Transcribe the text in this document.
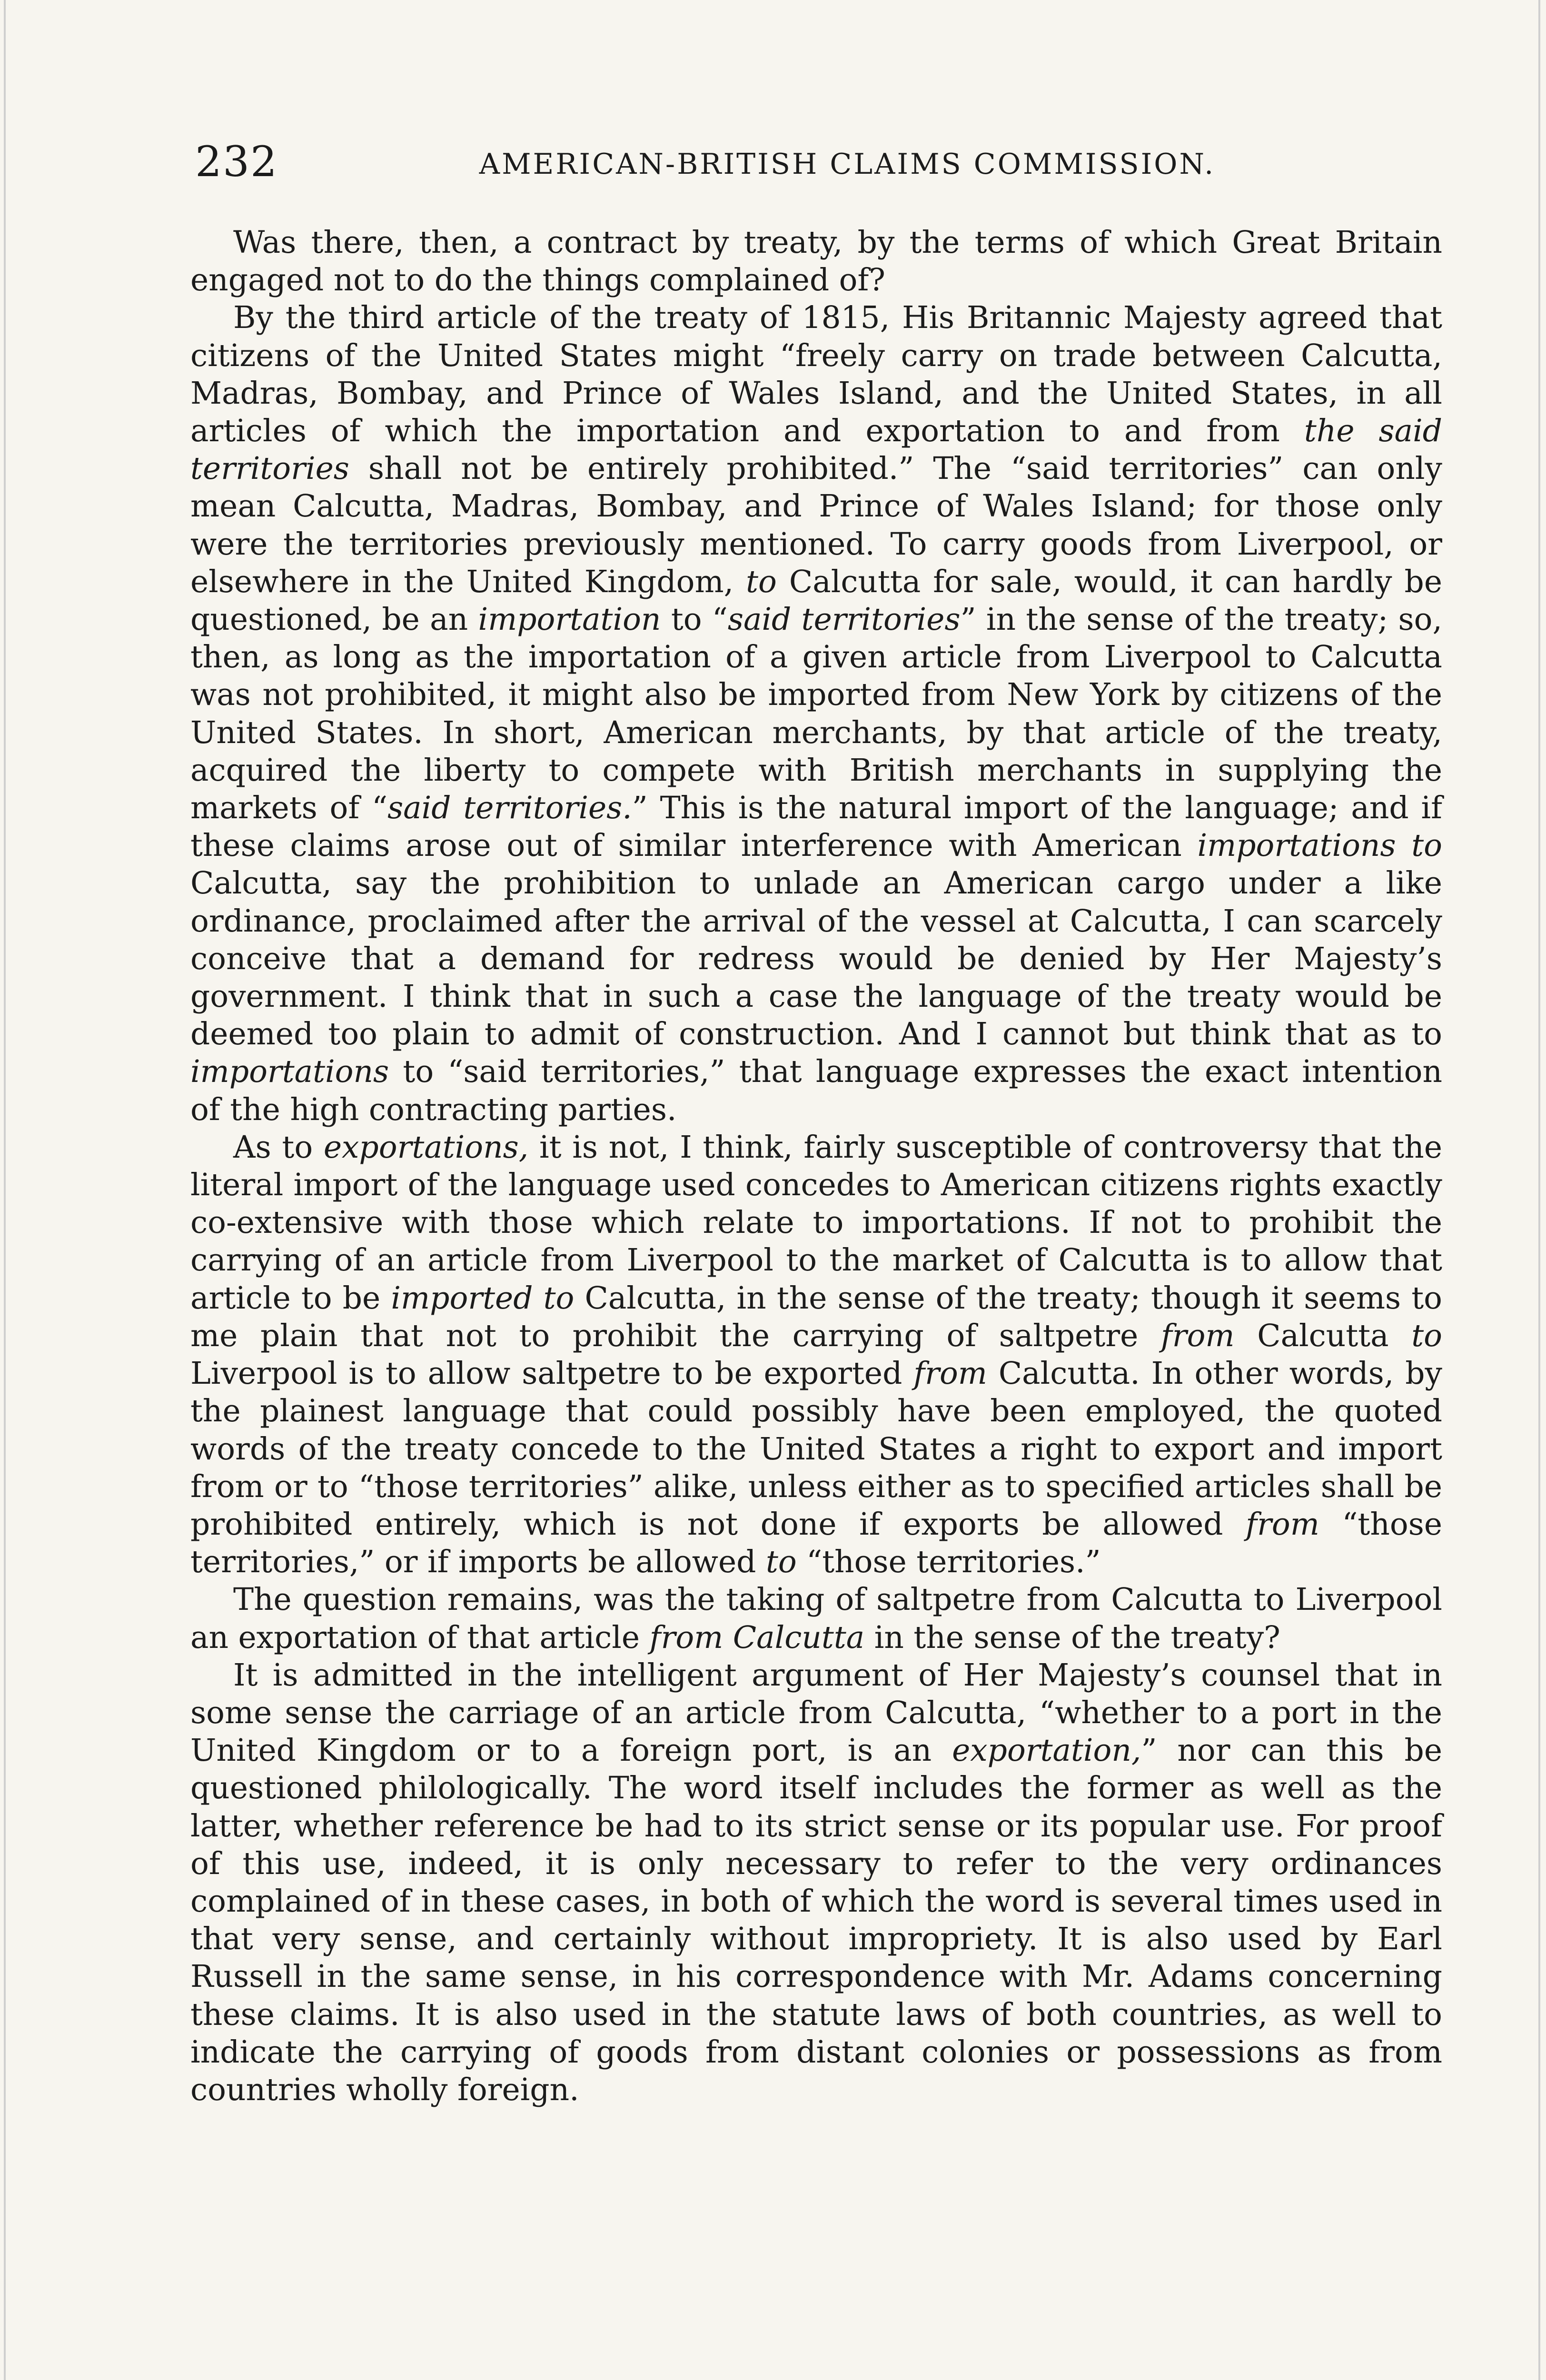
232	AMERICAN-BRITISH CLAIMS COMMISSION.

Was there, then, a contract by treaty, by the terms of which Great Britain engaged not to do the things complained of?

By the third article of the treaty of 1815, His Britannic Majesty agreed that citizens of the United States might “freely carry on trade between Calcutta, Madras, Bombay, and Prince of Wales Island, and the United States, in all articles of which the importation and exportation to and from the said territories shall not be entirely prohibited.” The “said territories” can only mean Calcutta, Madras, Bombay, and Prince of Wales Island; for those only were the territories previously mentioned. To carry goods from Liverpool, or elsewhere in the United Kingdom, to Calcutta for sale, would, it can hardly be questioned, be an importation to “said territories” in the sense of the treaty; so, then, as long as the importation of a given article from Liverpool to Calcutta was not prohibited, it might also be imported from New York by citizens of the United States. In short, American merchants, by that article of the treaty, acquired the liberty to compete with British merchants in supplying the markets of “said territories.” This is the natural import of the language; and if these claims arose out of similar interference with American importations to Calcutta, say the prohibition to unlade an American cargo under a like ordinance, proclaimed after the arrival of the vessel at Calcutta, I can scarcely conceive that a demand for redress would be denied by Her Majesty’s government. I think that in such a case the language of the treaty would be deemed too plain to admit of construction. And I cannot but think that as to importations to “said territories,” that language expresses the exact intention of the high contracting parties.

As to exportations, it is not, I think, fairly susceptible of controversy that the literal import of the language used concedes to American citizens rights exactly co-extensive with those which relate to importations. If not to prohibit the carrying of an article from Liverpool to the market of Calcutta is to allow that article to be imported to Calcutta, in the sense of the treaty; though it seems to me plain that not to prohibit the carrying of saltpetre from Calcutta to Liverpool is to allow saltpetre to be exported from Calcutta. In other words, by the plainest language that could possibly have been employed, the quoted words of the treaty concede to the United States a right to export and import from or to “those territories” alike, unless either as to specified articles shall be prohibited entirely, which is not done if exports be allowed from “those territories,” or if imports be allowed to “those territories.”

The question remains, was the taking of saltpetre from Calcutta to Liverpool an exportation of that article from Calcutta in the sense of the treaty?

It is admitted in the intelligent argument of Her Majesty’s counsel that in some sense the carriage of an article from Calcutta, “whether to a port in the United Kingdom or to a foreign port, is an exportation,” nor can this be questioned philologically. The word itself includes the former as well as the latter, whether reference be had to its strict sense or its popular use. For proof of this use, indeed, it is only necessary to refer to the very ordinances complained of in these cases, in both of which the word is several times used in that very sense, and certainly without impropriety. It is also used by Earl Russell in the same sense, in his correspondence with Mr. Adams concerning these claims. It is also used in the statute laws of both countries, as well to indicate the carrying of goods from distant colonies or possessions as from countries wholly foreign.
